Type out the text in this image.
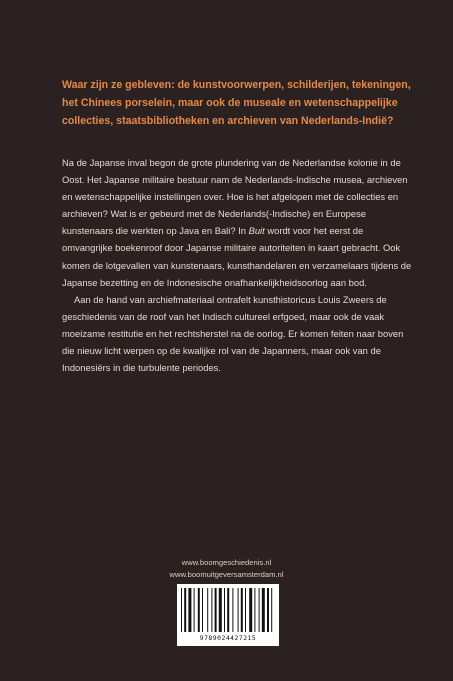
Waar zijn ze gebleven: de kunstvoorwerpen, schilderijen, tekeningen, het Chinees porselein, maar ook de museale en wetenschappelijke collecties, staatsbibliotheken en archieven van Nederlands-Indië?

Na de Japanse inval begon de grote plundering van de Nederlandse kolonie in de Oost. Het Japanse militaire bestuur nam de Nederlands-Indische musea, archieven en wetenschappelijke instellingen over. Hoe is het afgelopen met de collecties en archieven? Wat is er gebeurd met de Nederlands(-Indische) en Europese kunstenaars die werkten op Java en Bali? In Buit wordt voor het eerst de omvangrijke boekenroof door Japanse militaire autoriteiten in kaart gebracht. Ook komen de lotgevallen van kunstenaars, kunsthandelaren en verzamelaars tijdens de Japanse bezetting en de Indonesische onafhankelijkheidsoorlog aan bod.

Aan de hand van archiefmateriaal ontrafelt kunsthistoricus Louis Zweers de geschiedenis van de roof van het Indisch cultureel erfgoed, maar ook de vaak moeizame restitutie en het rechtsherstel na de oorlog. Er komen feiten naar boven die nieuw licht werpen op de kwalijke rol van de Japanners, maar ook van de Indonesiërs in die turbulente periodes.

www.boomgeschiedenis.nl
www.boomuitgeversamsterdam.nl
9789024427215
